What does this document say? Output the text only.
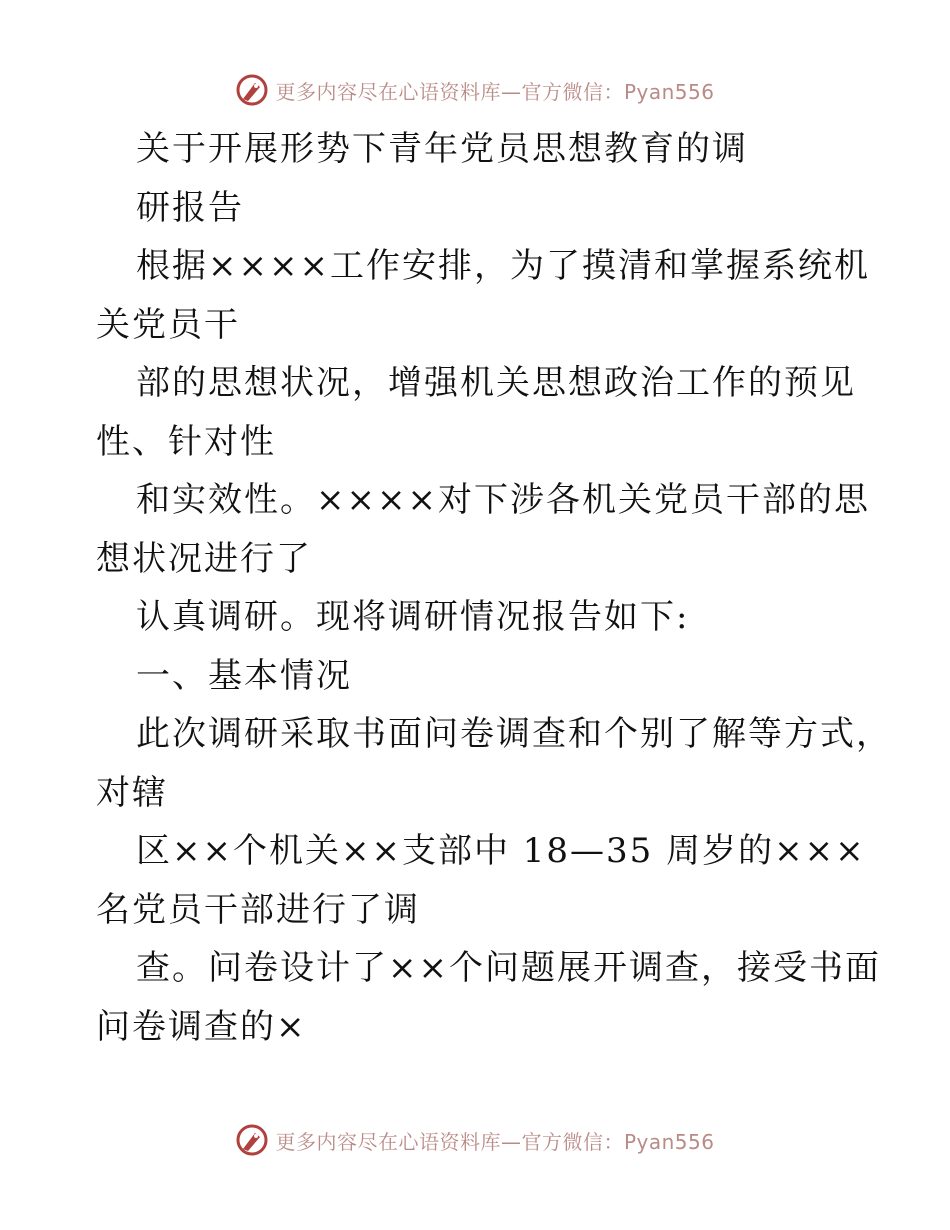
更多内容尽在心语资料库—官方微信：Pyan556
关于开展形势下青年党员思想教育的调
研报告
根据××××工作安排，为了摸清和掌握系统机
关党员干
部的思想状况，增强机关思想政治工作的预见
性、针对性
和实效性。××××对下涉各机关党员干部的思
想状况进行了
认真调研。现将调研情况报告如下:
一、基本情况
此次调研采取书面问卷调查和个别了解等方式，
对辖
区××个机关××支部中 18—35 周岁的×××
名党员干部进行了调
查。问卷设计了××个问题展开调查，接受书面
问卷调查的×
更多内容尽在心语资料库—官方微信：Pyan556
